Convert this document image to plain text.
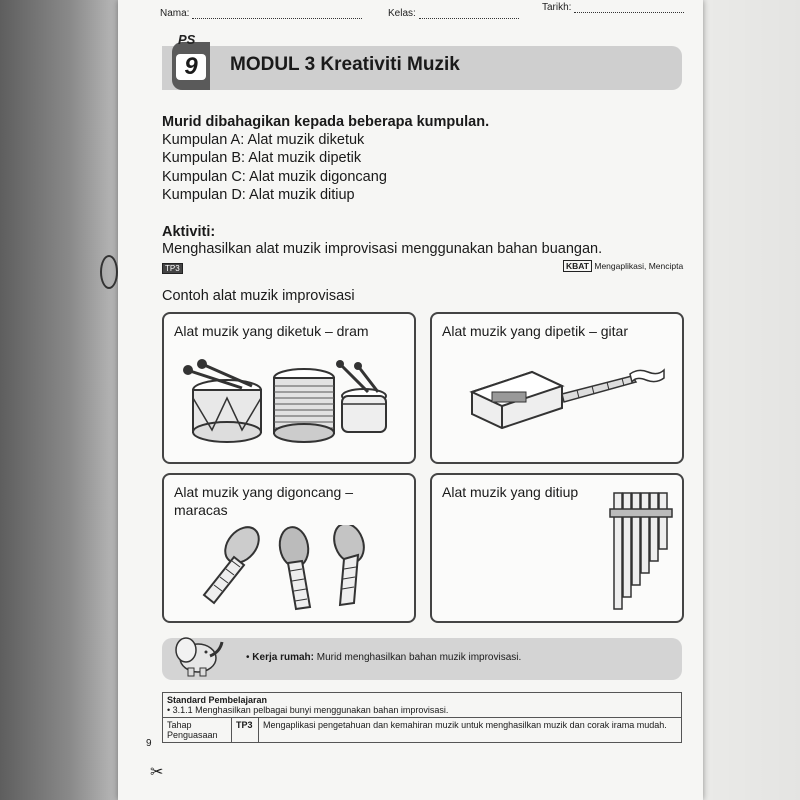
Nama:	Kelas:
Tarikh:
PS
9	MODUL 3 Kreativiti Muzik
Murid dibahagikan kepada beberapa kumpulan.
Kumpulan A: Alat muzik diketuk
Kumpulan B: Alat muzik dipetik
Kumpulan C: Alat muzik digoncang
Kumpulan D: Alat muzik ditiup
Aktiviti:
Menghasilkan alat muzik improvisasi menggunakan bahan buangan.
TP3	KBAT Mengaplikasi, Mencipta
Contoh alat muzik improvisasi
Alat muzik yang diketuk – dram	Alat muzik yang dipetik – gitar
Alat muzik yang digoncang –
maracas
Alat muzik yang ditiup
• Kerja rumah: Murid menghasilkan bahan muzik improvisasi.
Standard Pembelajaran
• 3.1.1 Menghasilkan pelbagai bunyi menggunakan bahan improvisasi.
Tahap Penguasaan	TP3	Mengaplikasi pengetahuan dan kemahiran muzik untuk menghasilkan muzik dan corak irama mudah.
9
✂
